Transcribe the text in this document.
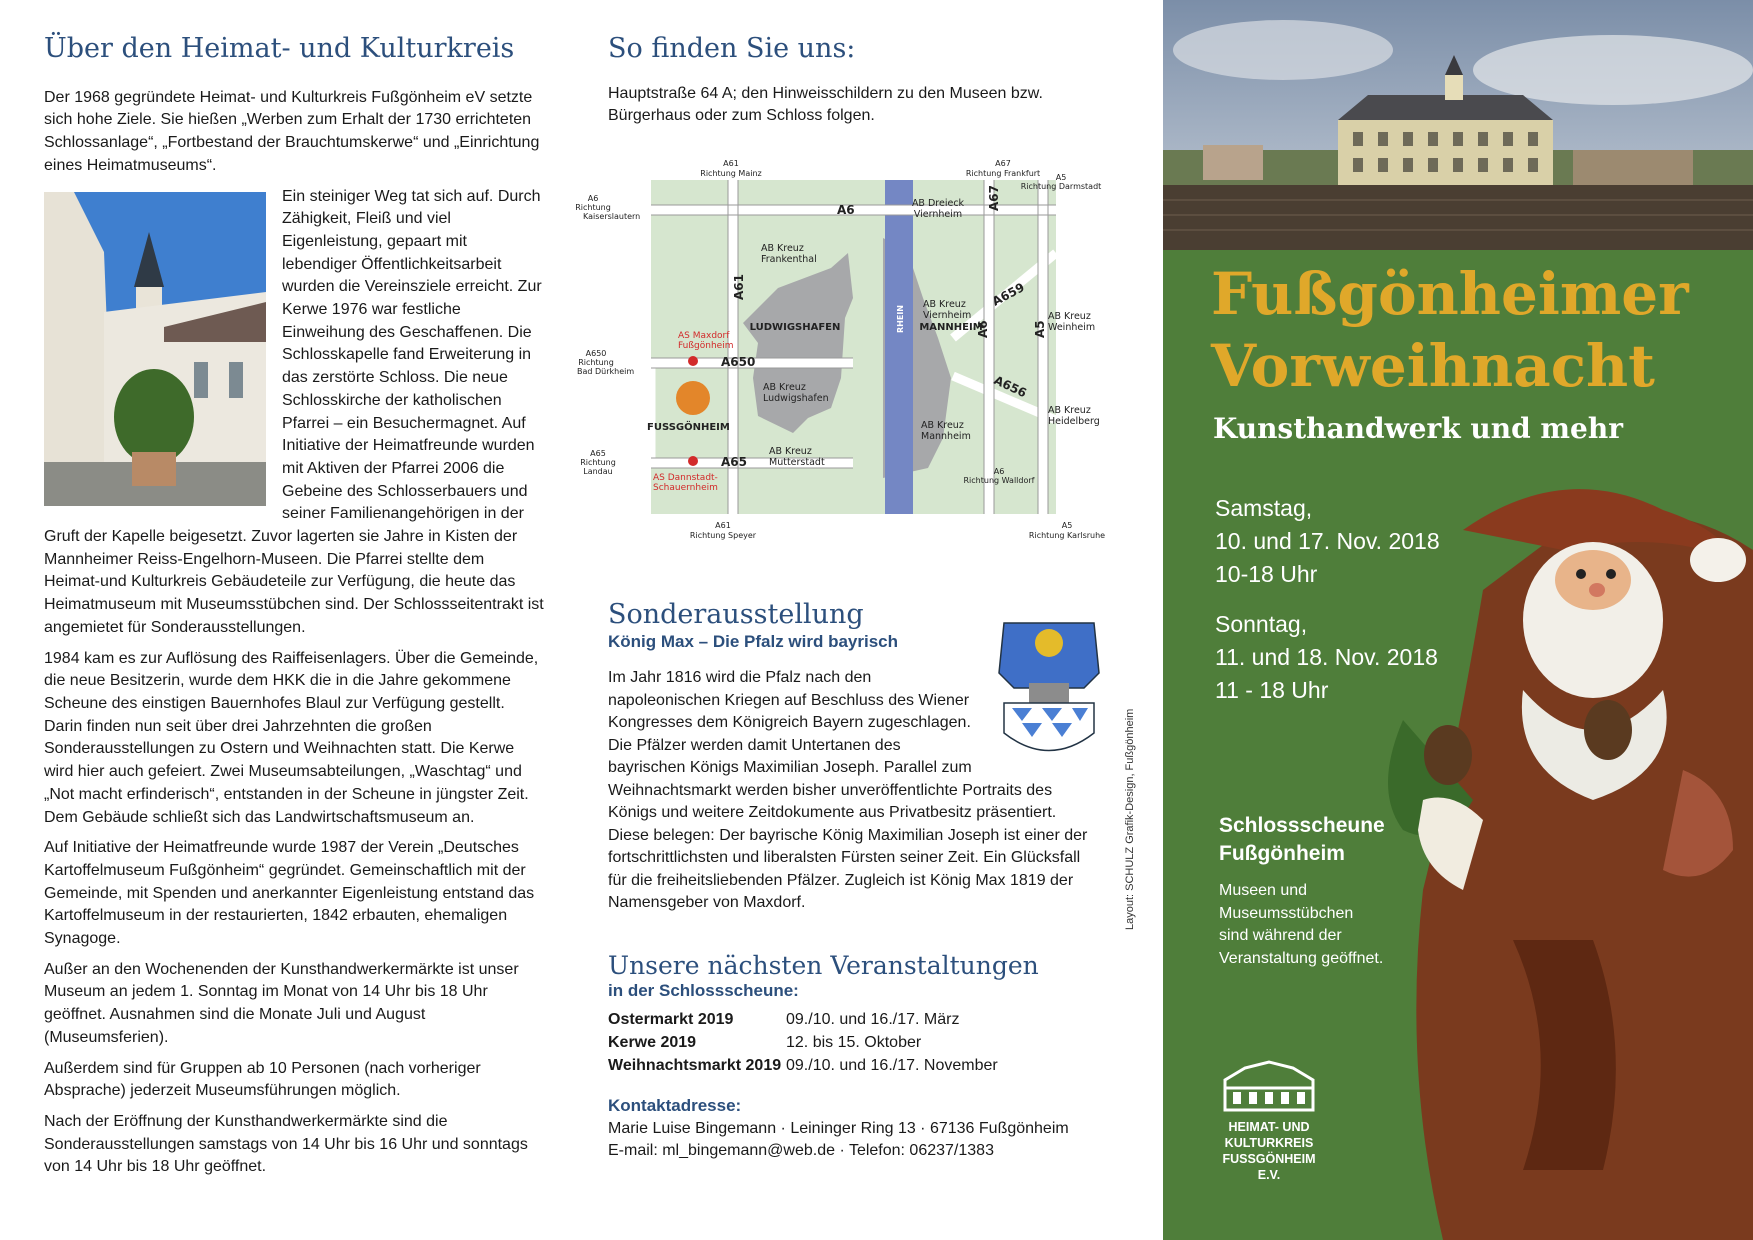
Über den Heimat- und Kulturkreis

Der 1968 gegründete Heimat- und Kulturkreis Fußgönheim eV setzte sich hohe Ziele. Sie hießen „Werben zum Erhalt der 1730 errichteten Schlossanlage“, „Fortbestand der Brauchtumskerwe“ und „Einrichtung eines Heimatmuseums“.

Ein steiniger Weg tat sich auf. Durch Zähigkeit, Fleiß und viel Eigenleistung, gepaart mit lebendiger Öffentlichkeitsarbeit wurden die Vereinsziele erreicht. Zur Kerwe 1976 war festliche Einweihung des Geschaffenen. Die Schlosskapelle fand Erweiterung in das zerstörte Schloss. Die neue Schlosskirche der katholischen Pfarrei – ein Besuchermagnet. Auf Initiative der Heimatfreunde wurden mit Aktiven der Pfarrei 2006 die Gebeine des Schlosserbauers und seiner Familienangehörigen in der Gruft der Kapelle beigesetzt. Zuvor lagerten sie Jahre in Kisten der Mannheimer Reiss-Engelhorn-Museen. Die Pfarrei stellte dem Heimat-und Kulturkreis Gebäudeteile zur Verfügung, die heute das Heimatmuseum mit Museumsstübchen sind. Der Schlossseitentrakt ist angemietet für Sonderausstellungen.

1984 kam es zur Auflösung des Raiffeisenlagers. Über die Gemeinde, die neue Besitzerin, wurde dem HKK die in die Jahre gekommene Scheune des einstigen Bauernhofes Blaul zur Verfügung gestellt. Darin finden nun seit über drei Jahrzehnten die großen Sonderausstellungen zu Ostern und Weihnachten statt. Die Kerwe wird hier auch gefeiert. Zwei Museumsabteilungen, „Waschtag“ und „Not macht erfinderisch“, entstanden in der Scheune in jüngster Zeit. Dem Gebäude schließt sich das Landwirtschaftsmuseum an.

Auf Initiative der Heimatfreunde wurde 1987 der Verein „Deutsches Kartoffelmuseum Fußgönheim“ gegründet. Gemeinschaftlich mit der Gemeinde, mit Spenden und anerkannter Eigenleistung entstand das Kartoffelmuseum in der restaurierten, 1842 erbauten, ehemaligen Synagoge.

Außer an den Wochenenden der Kunsthandwerkermärkte ist unser Museum an jedem 1. Sonntag im Monat von 14 Uhr bis 18 Uhr geöffnet. Ausnahmen sind die Monate Juli und August (Museumsferien).

Außerdem sind für Gruppen ab 10 Personen (nach vorheriger Absprache) jederzeit Museumsführungen möglich.

Nach der Eröffnung der Kunsthandwerkermärkte sind die Sonderausstellungen samstags von 14 Uhr bis 16 Uhr und sonntags von 14 Uhr bis 18 Uhr geöffnet.

So finden Sie uns:

Hauptstraße 64 A; den Hinweisschildern zu den Museen bzw. Bürgerhaus oder zum Schloss folgen.

A61
Richtung Mainz
A67
Richtung Frankfurt A5
Richtung Darmstadt
A6
Richtung
Kaiserslautern
A650
Richtung
Bad Dürkheim
A65
Richtung
Landau	A6
Richtung Walldorf
A61
Richtung Speyer
A5
Richtung Karlsruhe
AB Dreieck
Viernheim
AB Kreuz
Frankenthal
AB Kreuz
Viernheim	AB Kreuz
Weinheim
AB Kreuz
Ludwigshafen
AB Kreuz
Mannheim
AB Kreuz
Heidelberg
AB Kreuz
Mutterstadt
A6	A67
A659
A61
A6	A5
A650
A656
A65
LUDWIGSHAFEN	MANNHEIM
FUSSGÖNHEIM
RHEIN
AS Maxdorf
Fußgönheim
AS Dannstadt-
Schauernheim
Sonderausstellung

König Max – Die Pfalz wird bayrisch

Im Jahr 1816 wird die Pfalz nach den napoleonischen Kriegen auf Beschluss des Wiener Kongresses dem Königreich Bayern zugeschlagen. Die Pfälzer werden damit Untertanen des bayrischen Königs Maximilian Joseph. Parallel zum Weihnachtsmarkt werden bisher unveröffentlichte Portraits des Königs und weitere Zeitdokumente aus Privatbesitz präsentiert. Diese belegen: Der bayrische König Maximilian Joseph ist einer der fortschrittlichsten und liberalsten Fürsten seiner Zeit. Ein Glücksfall für die freiheitsliebenden Pfälzer. Zugleich ist König Max 1819 der Namensgeber von Maxdorf.

Unsere nächsten Veranstaltungen

in der Schlossscheune:

Ostermarkt 2019	09./10. und 16./17. März
Kerwe 2019	12. bis 15. Oktober
Weihnachtsmarkt 2019	09./10. und 16./17. November

Kontaktadresse:

Marie Luise Bingemann · Leininger Ring 13 · 67136 Fußgönheim

E-mail: ml_bingemann@web.de · Telefon: 06237/1383

Layout: SCHULZ Grafik-Design, Fußgönheim
Fußgönheimer
Vorweihnacht
Kunsthandwerk und mehr
Samstag,
10. und 17. Nov. 2018
10-18 Uhr
Sonntag,
11. und 18. Nov. 2018
11 - 18 Uhr
Schlossscheune
Fußgönheim
Museen und
Museumsstübchen
sind während der
Veranstaltung geöffnet.
HEIMAT- UND
KULTURKREIS
FUSSGÖNHEIM
E.V.
